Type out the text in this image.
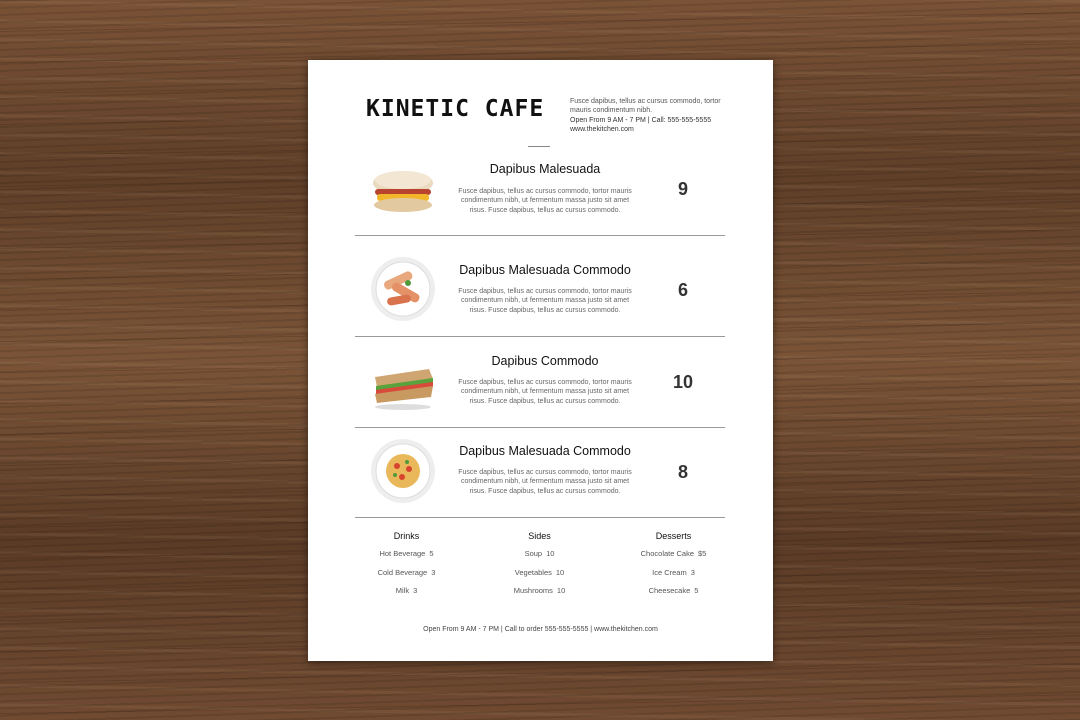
KINETIC CAFE	Fusce dapibus, tellus ac cursus commodo, tortor mauris condimentum nibh.
Open From 9 AM - 7 PM | Call: 555-555-5555
www.thekitchen.com
Dapibus Malesuada
Fusce dapibus, tellus ac cursus commodo, tortor mauris condimentum nibh, ut fermentum massa justo sit amet risus. Fusce dapibus, tellus ac cursus commodo.
9
Dapibus Malesuada Commodo
Fusce dapibus, tellus ac cursus commodo, tortor mauris condimentum nibh, ut fermentum massa justo sit amet risus. Fusce dapibus, tellus ac cursus commodo.
6
Dapibus Commodo
Fusce dapibus, tellus ac cursus commodo, tortor mauris condimentum nibh, ut fermentum massa justo sit amet risus. Fusce dapibus, tellus ac cursus commodo.
10
Dapibus Malesuada Commodo
Fusce dapibus, tellus ac cursus commodo, tortor mauris condimentum nibh, ut fermentum massa justo sit amet risus. Fusce dapibus, tellus ac cursus commodo.
8
Drinks
Hot Beverage 5
Cold Beverage 3
Milk 3
Sides
Soup 10
Vegetables 10
Mushrooms 10
Desserts
Chocolate Cake $5
Ice Cream 3
Cheesecake 5
Open From 9 AM - 7 PM | Call to order 555-555-5555 | www.thekitchen.com
